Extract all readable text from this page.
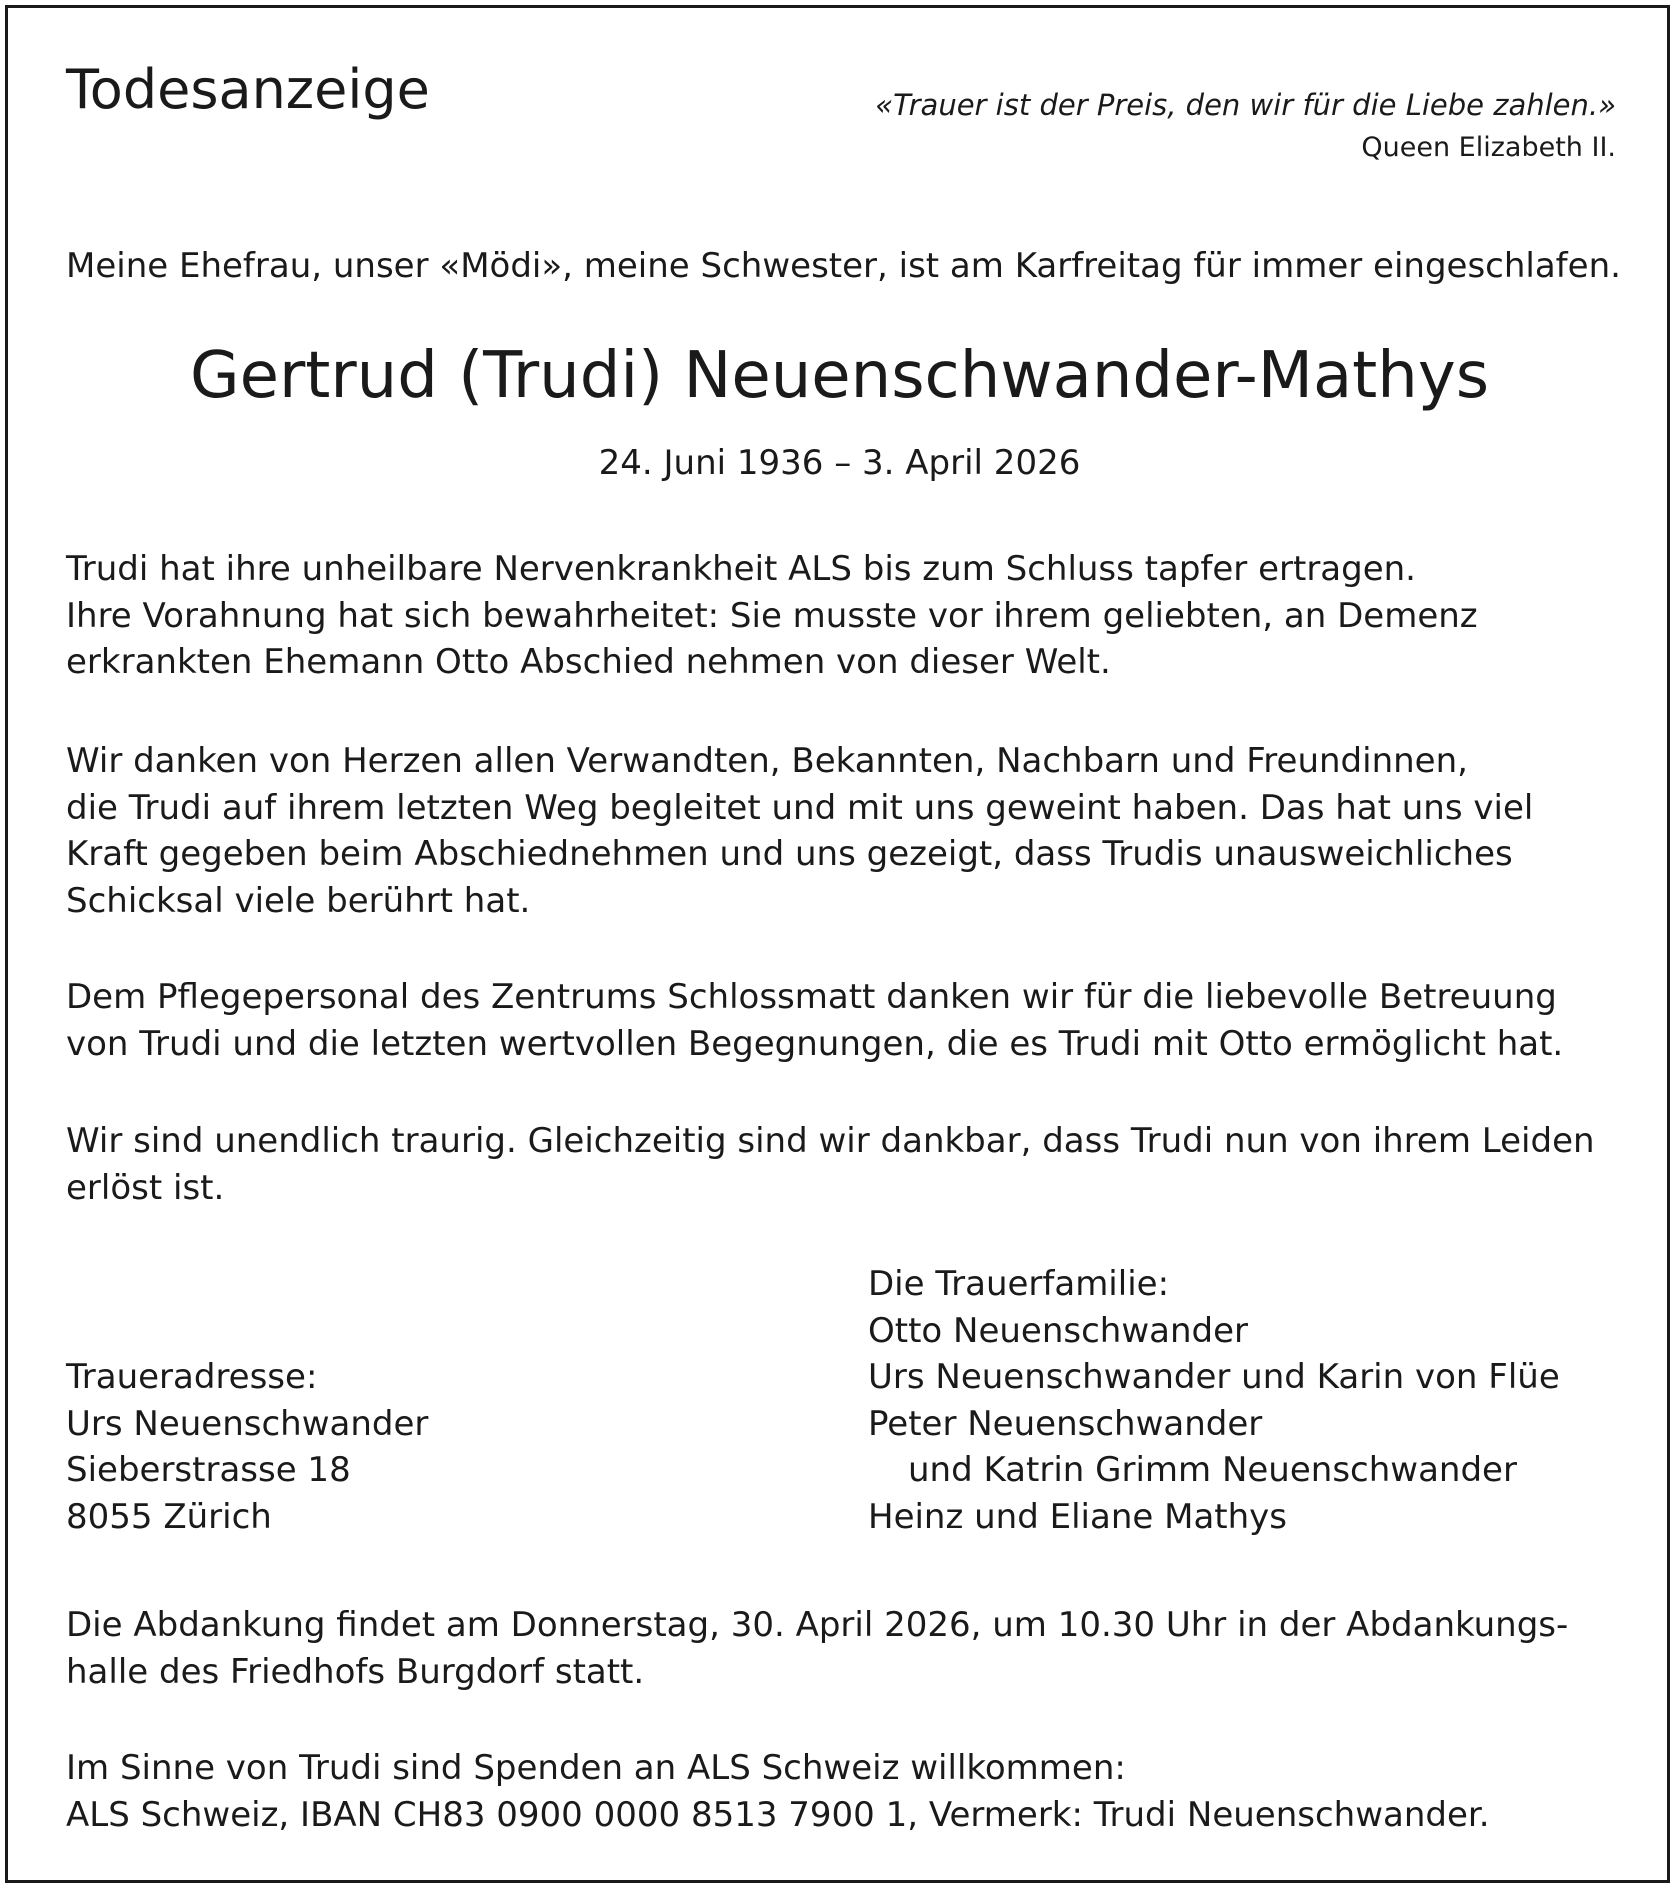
Todesanzeige	«Trauer ist der Preis, den wir für die Liebe zahlen.»
Queen Elizabeth II.
Meine Ehefrau, unser «Mödi», meine Schwester, ist am Karfreitag für immer eingeschlafen.
Gertrud (Trudi) Neuenschwander-Mathys
24. Juni 1936 – 3. April 2026
Trudi hat ihre unheilbare Nervenkrankheit ALS bis zum Schluss tapfer ertragen.
Ihre Vorahnung hat sich bewahrheitet: Sie musste vor ihrem geliebten, an Demenz
erkrankten Ehemann Otto Abschied nehmen von dieser Welt.
Wir danken von Herzen allen Verwandten, Bekannten, Nachbarn und Freundinnen,
die Trudi auf ihrem letzten Weg begleitet und mit uns geweint haben. Das hat uns viel
Kraft gegeben beim Abschiednehmen und uns gezeigt, dass Trudis unausweichliches
Schicksal viele berührt hat.
Dem Pflegepersonal des Zentrums Schlossmatt danken wir für die liebevolle Betreuung
von Trudi und die letzten wertvollen Begegnungen, die es Trudi mit Otto ermöglicht hat.
Wir sind unendlich traurig. Gleichzeitig sind wir dankbar, dass Trudi nun von ihrem Leiden
erlöst ist.
Traueradresse:
Urs Neuenschwander
Sieberstrasse 18
8055 Zürich
Die Trauerfamilie:
Otto Neuenschwander
Urs Neuenschwander und Karin von Flüe
Peter Neuenschwander
und Katrin Grimm Neuenschwander
Heinz und Eliane Mathys
Die Abdankung findet am Donnerstag, 30. April 2026, um 10.30 Uhr in der Abdankungs-
halle des Friedhofs Burgdorf statt.
Im Sinne von Trudi sind Spenden an ALS Schweiz willkommen:
ALS Schweiz, IBAN CH83 0900 0000 8513 7900 1, Vermerk: Trudi Neuenschwander.
